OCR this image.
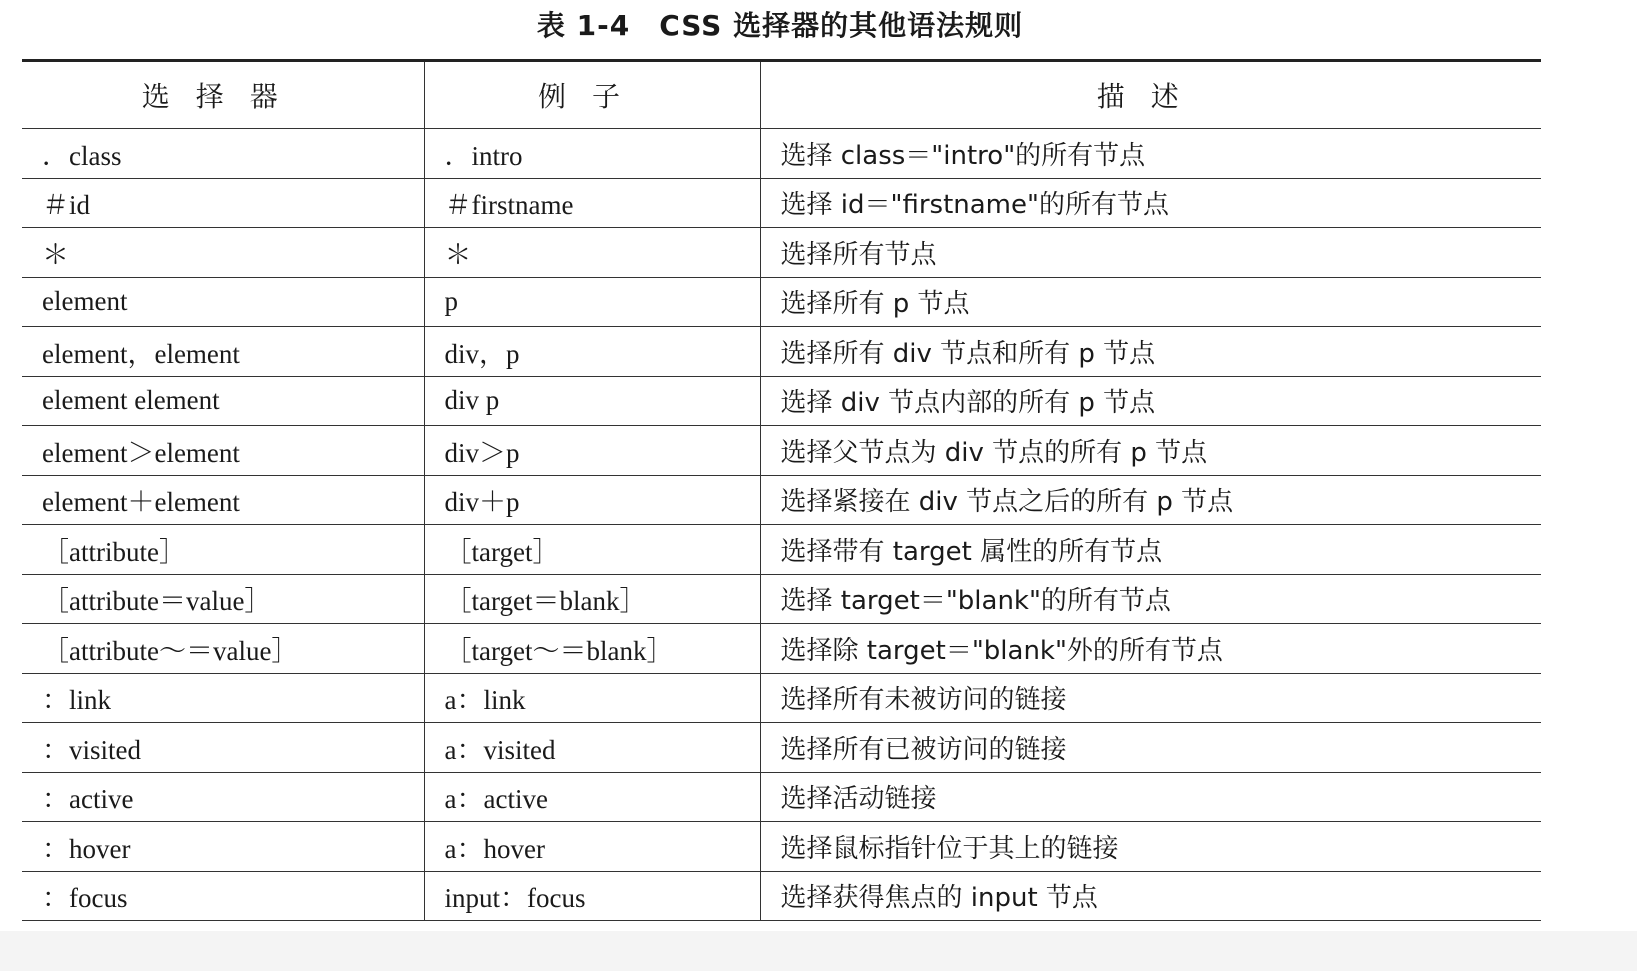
表 1-4　CSS 选择器的其他语法规则
选择器	例子	描述
．class	．intro	选择 class＝"intro"的所有节点
＃id	＃firstname	选择 id＝"firstname"的所有节点
＊	＊	选择所有节点
element	p	选择所有 p 节点
element，element	div，p	选择所有 div 节点和所有 p 节点
element element	div p	选择 div 节点内部的所有 p 节点
element＞element	div＞p	选择父节点为 div 节点的所有 p 节点
element＋element	div＋p	选择紧接在 div 节点之后的所有 p 节点
［attribute］	［target］	选择带有 target 属性的所有节点
［attribute＝value］	［target＝blank］	选择 target＝"blank"的所有节点
［attribute～＝value］	［target～＝blank］	选择除 target＝"blank"外的所有节点
：link	a：link	选择所有未被访问的链接
：visited	a：visited	选择所有已被访问的链接
：active	a：active	选择活动链接
：hover	a：hover	选择鼠标指针位于其上的链接
：focus	input：focus	选择获得焦点的 input 节点
